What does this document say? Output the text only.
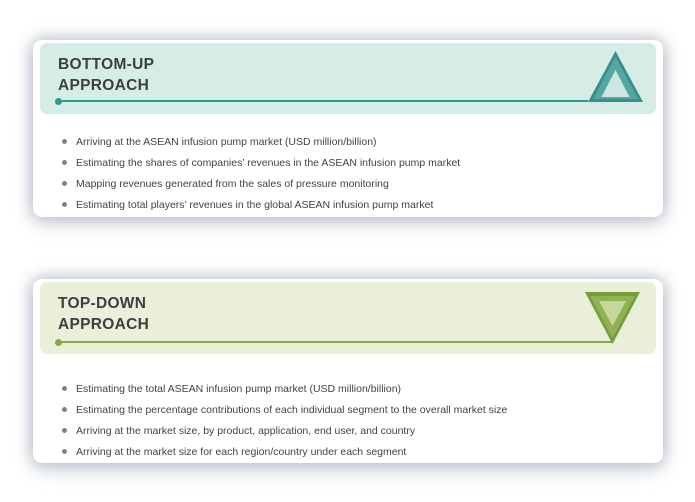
BOTTOM-UP
APPROACH
Arriving at the ASEAN infusion pump market (USD million/billion)
Estimating the shares of companies’ revenues in the ASEAN infusion pump market
Mapping revenues generated from the sales of pressure monitoring
Estimating total players’ revenues in the global ASEAN infusion pump market
TOP-DOWN
APPROACH
Estimating the total ASEAN infusion pump market (USD million/billion)
Estimating the percentage contributions of each individual segment to the overall market size
Arriving at the market size, by product, application, end user, and country
Arriving at the market size for each region/country under each segment
